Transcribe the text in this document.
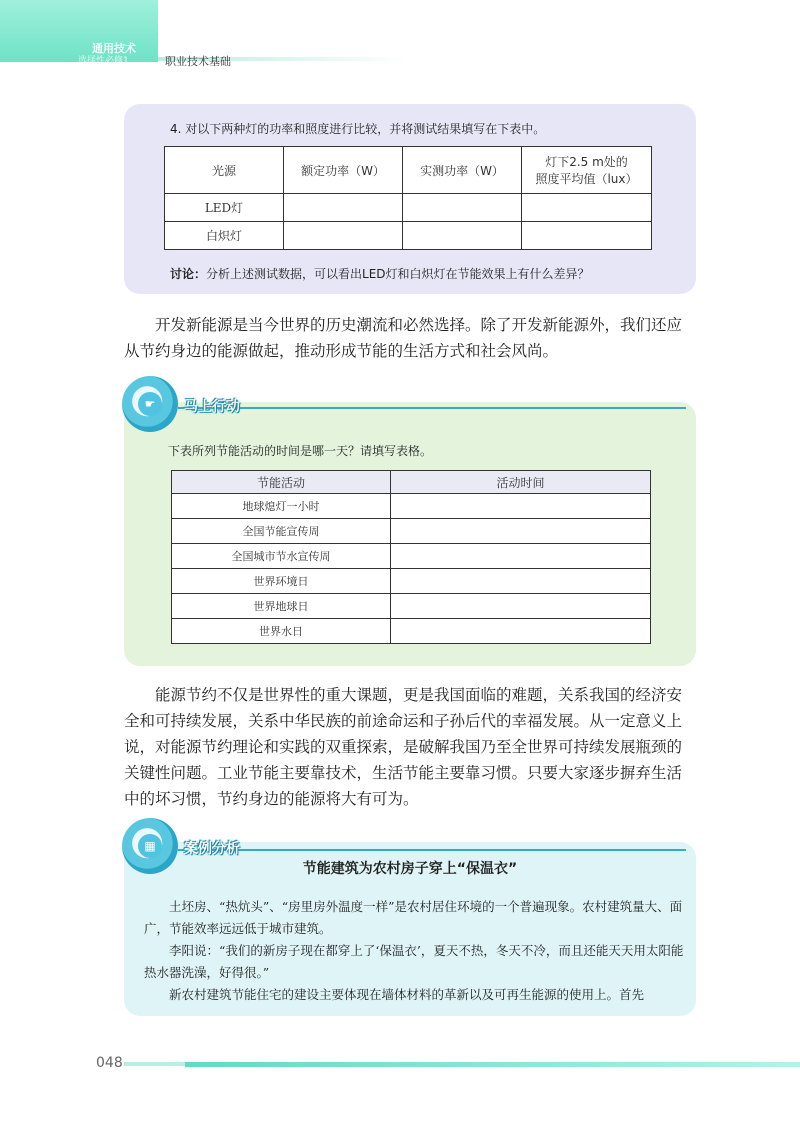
通用技术
选择性必修1	职业技术基础
4. 对以下两种灯的功率和照度进行比较，并将测试结果填写在下表中。
光源	额定功率（W）	实测功率（W）	灯下2.5 m处的
照度平均值（lux）

LED灯			
白炽灯			
讨论：分析上述测试数据，可以看出LED灯和白炽灯在节能效果上有什么差异？
开发新能源是当今世界的历史潮流和必然选择。除了开发新能源外，我们还应从节约身边的能源做起，推动形成节能的生活方式和社会风尚。
☛	马上行动
下表所列节能活动的时间是哪一天？请填写表格。
节能活动	活动时间
地球熄灯一小时	
全国节能宣传周	
全国城市节水宣传周	
世界环境日	
世界地球日	
世界水日	
能源节约不仅是世界性的重大课题，更是我国面临的难题，关系我国的经济安全和可持续发展，关系中华民族的前途命运和子孙后代的幸福发展。从一定意义上说，对能源节约理论和实践的双重探索，是破解我国乃至全世界可持续发展瓶颈的关键性问题。工业节能主要靠技术，生活节能主要靠习惯。只要大家逐步摒弃生活中的坏习惯，节约身边的能源将大有可为。
▦	案例分析
节能建筑为农村房子穿上“保温衣”
土坯房、“热炕头”、“房里房外温度一样”是农村居住环境的一个普遍现象。农村建筑量大、面广，节能效率远远低于城市建筑。
李阳说：“我们的新房子现在都穿上了‘保温衣’，夏天不热，冬天不冷，而且还能天天用太阳能热水器洗澡，好得很。”
新农村建筑节能住宅的建设主要体现在墙体材料的革新以及可再生能源的使用上。首先
048
